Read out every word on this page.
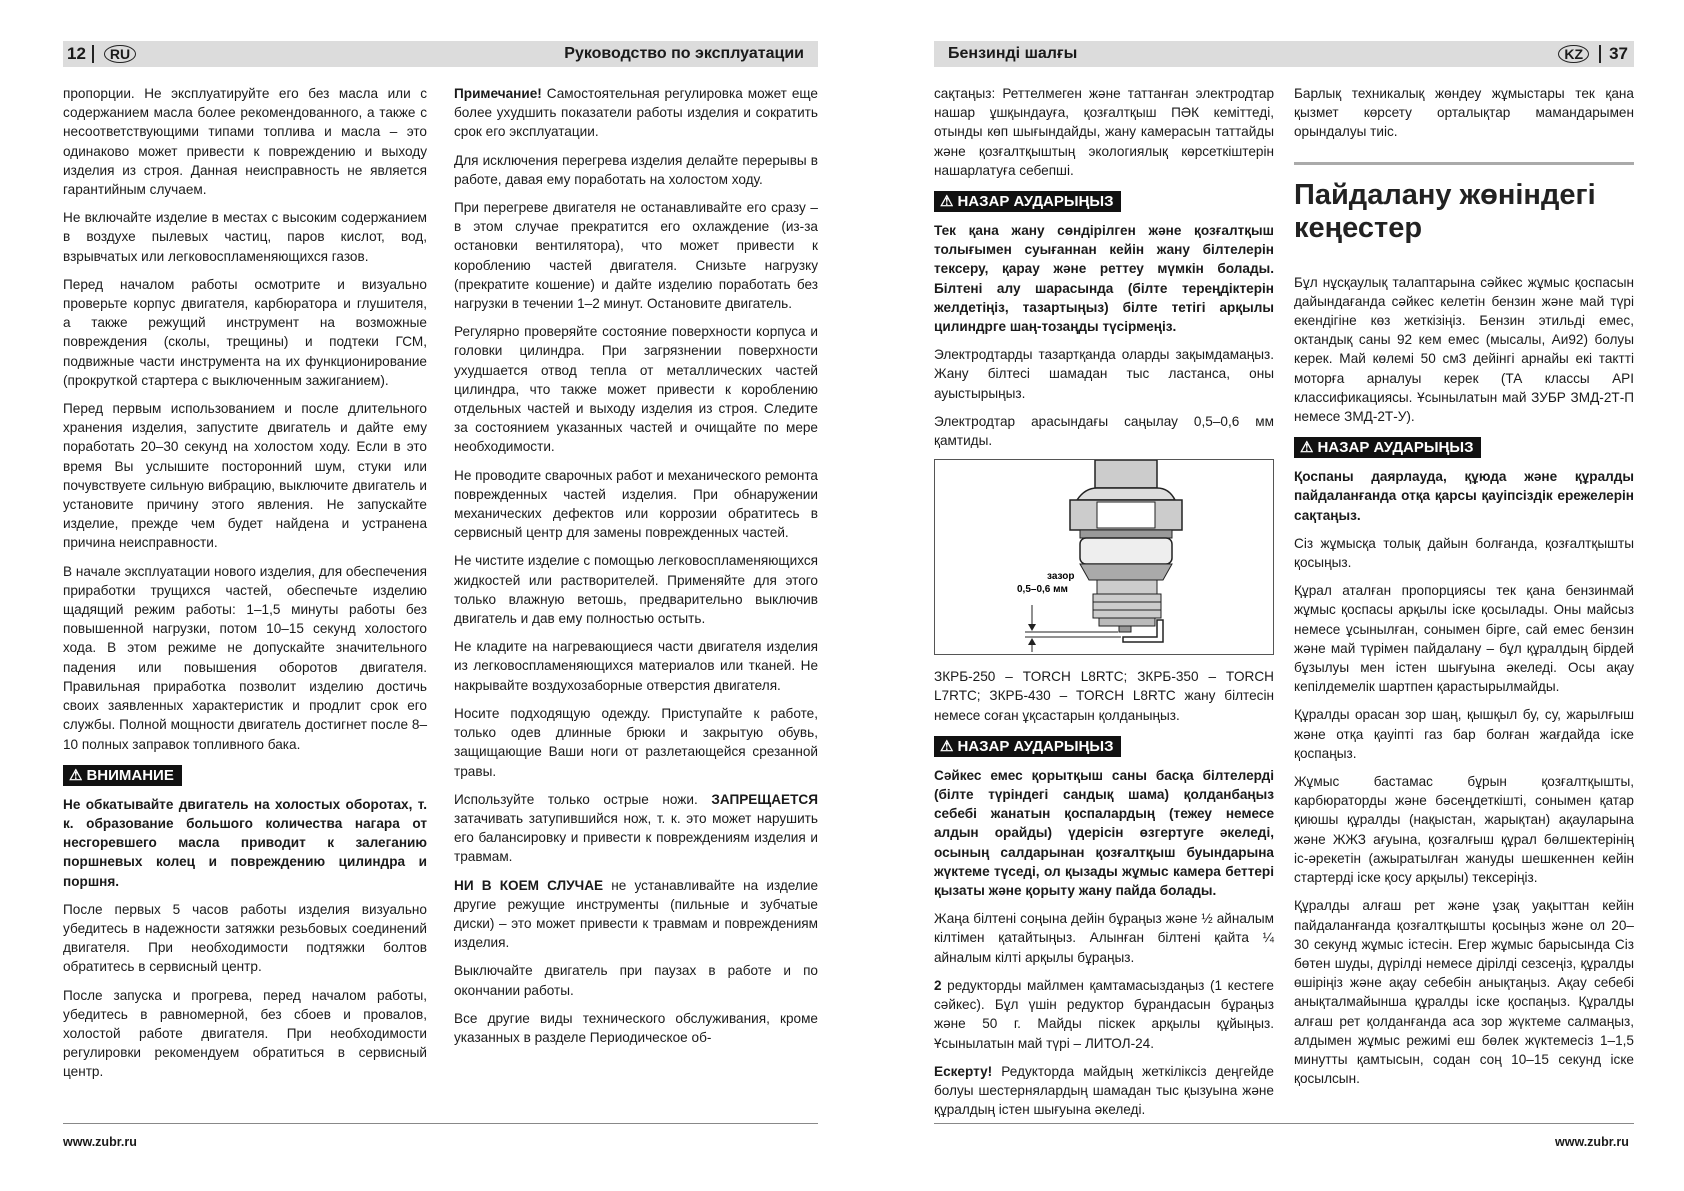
12	RU	Руководство по эксплуатации	Бензинді шалғы	KZ	37

пропорции. Не эксплуатируйте его без масла или с содержанием масла более рекомендованного, а также с несоответствующими типами топлива и масла – это одинаково может привести к повреждению и выходу изделия из строя. Данная неисправность не является гарантийным случаем.

Не включайте изделие в местах с высоким содержанием в воздухе пылевых частиц, паров кислот, вод, взрывчатых или легковоспламеняющихся газов.

Перед началом работы осмотрите и визуально проверьте корпус двигателя, карбюратора и глушителя, а также режущий инструмент на возможные повреждения (сколы, трещины) и подтеки ГСМ, подвижные части инструмента на их функционирование (прокруткой стартера с выключенным зажиганием).

Перед первым использованием и после длительного хранения изделия, запустите двигатель и дайте ему поработать 20–30 секунд на холостом ходу. Если в это время Вы услышите посторонний шум, стуки или почувствуете сильную вибрацию, выключите двигатель и установите причину этого явления. Не запускайте изделие, прежде чем будет найдена и устранена причина неисправности.

В начале эксплуатации нового изделия, для обеспечения приработки трущихся частей, обеспечьте изделию щадящий режим работы: 1–1,5 минуты работы без повышенной нагрузки, потом 10–15 секунд холостого хода. В этом режиме не допускайте значительного падения или повышения оборотов двигателя. Правильная приработка позволит изделию достичь своих заявленных характеристик и продлит срок его службы. Полной мощности двигатель достигнет после 8–10 полных заправок топливного бака.

⚠ ВНИМАНИЕ

Не обкатывайте двигатель на холостых оборотах, т. к. образование большого количества нагара от несгоревшего масла приводит к залеганию поршневых колец и повреждению цилиндра и поршня.

После первых 5 часов работы изделия визуально убедитесь в надежности затяжки резьбовых соединений двигателя. При необходимости подтяжки болтов обратитесь в сервисный центр.

После запуска и прогрева, перед началом работы, убедитесь в равномерной, без сбоев и провалов, холостой работе двигателя. При необходимости регулировки рекомендуем обратиться в сервисный центр.

Примечание! Самостоятельная регулировка может еще более ухудшить показатели работы изделия и сократить срок его эксплуатации.

Для исключения перегрева изделия делайте перерывы в работе, давая ему поработать на холостом ходу.

При перегреве двигателя не останавливайте его сразу – в этом случае прекратится его охлаждение (из-за остановки вентилятора), что может привести к короблению частей двигателя. Снизьте нагрузку (прекратите кошение) и дайте изделию поработать без нагрузки в течении 1–2 минут. Остановите двигатель.

Регулярно проверяйте состояние поверхности корпуса и головки цилиндра. При загрязнении поверхности ухудшается отвод тепла от металлических частей цилиндра, что также может привести к короблению отдельных частей и выходу изделия из строя. Следите за состоянием указанных частей и очищайте по мере необходимости.

Не проводите сварочных работ и механического ремонта поврежденных частей изделия. При обнаружении механических дефектов или коррозии обратитесь в сервисный центр для замены поврежденных частей.

Не чистите изделие с помощью легковоспламеняющихся жидкостей или растворителей. Применяйте для этого только влажную ветошь, предварительно выключив двигатель и дав ему полностью остыть.

Не кладите на нагревающиеся части двигателя изделия из легковоспламеняющихся материалов или тканей. Не накрывайте воздухозаборные отверстия двигателя.

Носите подходящую одежду. Приступайте к работе, только одев длинные брюки и закрытую обувь, защищающие Ваши ноги от разлетающейся срезанной травы.

Используйте только острые ножи. ЗАПРЕЩАЕТСЯ затачивать затупившийся нож, т. к. это может нарушить его балансировку и привести к повреждениям изделия и травмам.

НИ В КОЕМ СЛУЧАЕ не устанавливайте на изделие другие режущие инструменты (пильные и зубчатые диски) – это может привести к травмам и повреждениям изделия.

Выключайте двигатель при паузах в работе и по окончании работы.

Все другие виды технического обслуживания, кроме указанных в разделе Периодическое об-

сақтаңыз: Реттелмеген және таттанған электродтар нашар ұшқындауға, қозғалтқыш ПӘК кеміттеді, отынды көп шығындайды, жану камерасын таттайды және қозғалтқыштың экологиялық көрсеткіштерін нашарлатуға себепші.

⚠ НАЗАР АУДАРЫҢЫЗ

Тек қана жану сөндірілген және қозғалтқыш толығымен суығаннан кейін жану білтелерін тексеру, қарау және реттеу мүмкін болады. Білтені алу шарасында (білте тереңдіктерін желдетіңіз, тазартыңыз) білте тетігі арқылы цилиндрге шаң-тозаңды түсірмеңіз.

Электродтарды тазартқанда оларды зақымдамаңыз. Жану білтесі шамадан тыс ластанса, оны ауыстырыңыз.

Электродтар арасындағы саңылау 0,5–0,6 мм қамтиды.

зазор
0,5–0,6 мм

ЗКРБ-250 – TORCH L8RTC; ЗКРБ-350 – TORCH L7RTC; ЗКРБ-430 – TORCH L8RTC жану білтесін немесе соған ұқсастарын қолданыңыз.

⚠ НАЗАР АУДАРЫҢЫЗ

Сәйкес емес қорытқыш саны басқа білтелерді (білте түріндегі сандық шама) қолданбаңыз себебі жанатын қоспалардың (тежеу немесе алдын орайды) үдерісін өзгертуге әкеледі, осының салдарынан қозғалтқыш буындарына жүктеме түседі, ол қызады жұмыс камера беттері қызаты және қорыту жану пайда болады.

Жаңа білтені соңына дейін бұраңыз және ½ айналым кілтімен қатайтыңыз. Алынған білтені қайта ¼ айналым кілті арқылы бұраңыз.

2 редукторды майлмен қамтамасыздаңыз (1 кестеге сәйкес). Бұл үшін редуктор бұрандасын бұраңыз және 50 г. Майды піскек арқылы құйыңыз. Ұсынылатын май түрі – ЛИТОЛ-24.

Ескерту! Редукторда майдың жеткіліксіз деңгейде болуы шестернялардың шамадан тыс қызуына және құралдың істен шығуына әкеледі.

Барлық техникалық жөндеу жұмыстары тек қана қызмет көрсету орталықтар мамандарымен орындалуы тиіс.

Пайдалану жөніндегі кеңестер

Бұл нұсқаулық талаптарына сәйкес жұмыс қоспасын дайындағанда сәйкес келетін бензин және май түрі екендігіне көз жеткізіңіз. Бензин этильді емес, октандық саны 92 кем емес (мысалы, Аи92) болуы керек. Май көлемі 50 см3 дейінгі арнайы екі тактті моторға арналуы керек (ТА классы API классификациясы. Ұсынылатын май ЗУБР ЗМД-2Т-П немесе ЗМД-2Т-У).

⚠ НАЗАР АУДАРЫҢЫЗ

Қоспаны даярлауда, құюда және құралды пайдаланғанда отқа қарсы қауіпсіздік ережелерін сақтаңыз.

Сіз жұмысқа толық дайын болғанда, қозғалтқышты қосыңыз.

Құрал аталған пропорциясы тек қана бензинмай жұмыс қоспасы арқылы іске қосылады. Оны майсыз немесе ұсынылған, сонымен бірге, сай емес бензин және май түрімен пайдалану – бұл құралдың бірдей бұзылуы мен істен шығуына әкеледі. Осы ақау кепілдемелік шартпен қарастырылмайды.

Құралды орасан зор шаң, қышқыл бу, су, жарылғыш және отқа қауіпті газ бар болған жағдайда іске қоспаңыз.

Жұмыс бастамас бұрын қозғалтқышты, карбюраторды және бәсеңдеткішті, сонымен қатар қиюшы құралды (нақыстан, жарықтан) ақауларына және ЖЖЗ ағуына, қозғалғыш құрал бөлшектерінің іс-әрекетін (ажыратылған жануды шешкеннен кейін стартерді іске қосу арқылы) тексеріңіз.

Құралды алғаш рет және ұзақ уақыттан кейін пайдаланғанда қозғалтқышты қосыңыз және ол 20–30 секунд жұмыс істесін. Егер жұмыс барысында Сіз бөтен шуды, дүрілді немесе дірілді сезсеңіз, құралды өшіріңіз және ақау себебін анықтаңыз. Ақау себебі анықталмайынша құралды іске қоспаңыз. Құралды алғаш рет қолданғанда аса зор жүктеме салмаңыз, алдымен жұмыс режимі еш бөлек жүктемесіз 1–1,5 минутты қамтысын, содан соң 10–15 секунд іске қосылсын.

www.zubr.ru	www.zubr.ru
